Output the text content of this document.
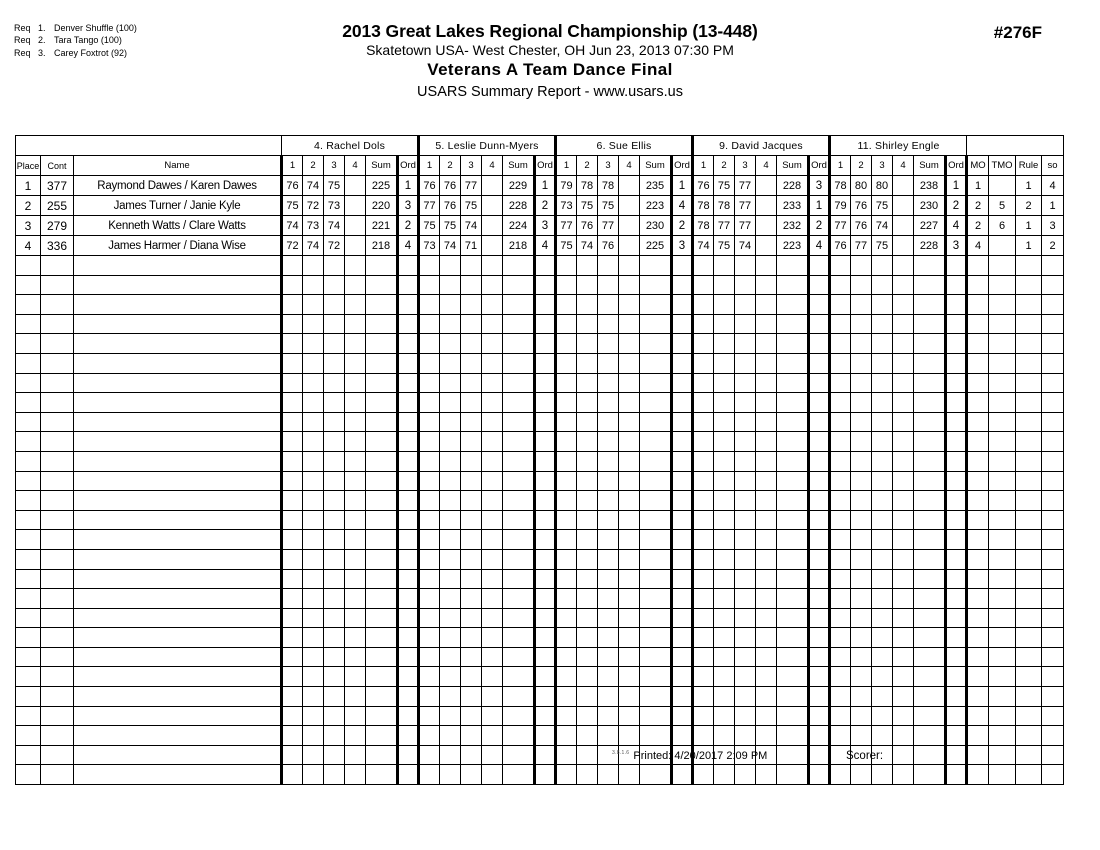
Req 1. Denver Shuffle (100)
Req 2. Tara Tango (100)
Req 3. Carey Foxtrot (92)
2013 Great Lakes Regional Championship (13-448)
Skatetown USA- West Chester, OH Jun 23, 2013 07:30 PM
Veterans A Team Dance Final
USARS Summary Report - www.usars.us
#276F
			4. Rachel Dols						5. Leslie Dunn-Myers						6. Sue Ellis						9. David Jacques						11. Shirley Engle									
Place	Cont	Name	1	2	3	4	Sum	Ord	1	2	3	4	Sum	Ord	1	2	3	4	Sum	Ord	1	2	3	4	Sum	Ord	1	2	3	4	Sum	Ord	MO	TMO	Rule	so
1	377	Raymond Dawes / Karen Dawes	76	74	75		225	1	76	76	77		229	1	79	78	78		235	1	76	75	77		228	3	78	80	80		238	1	1		1	4
2	255	James Turner / Janie Kyle	75	72	73		220	3	77	76	75		228	2	73	75	75		223	4	78	78	77		233	1	79	76	75		230	2	2	5	2	1
3	279	Kenneth Watts / Clare Watts	74	73	74		221	2	75	75	74		224	3	77	76	77		230	2	78	77	77		232	2	77	76	74		227	4	2	6	1	3
4	336	James Harmer / Diana Wise	72	74	72		218	4	73	74	71		218	4	75	74	76		225	3	74	75	74		223	4	76	77	75		228	3	4		1	2

$^{3.8.1.6}$ Printed: 4/20/2017 2:09 PM	Scorer:
